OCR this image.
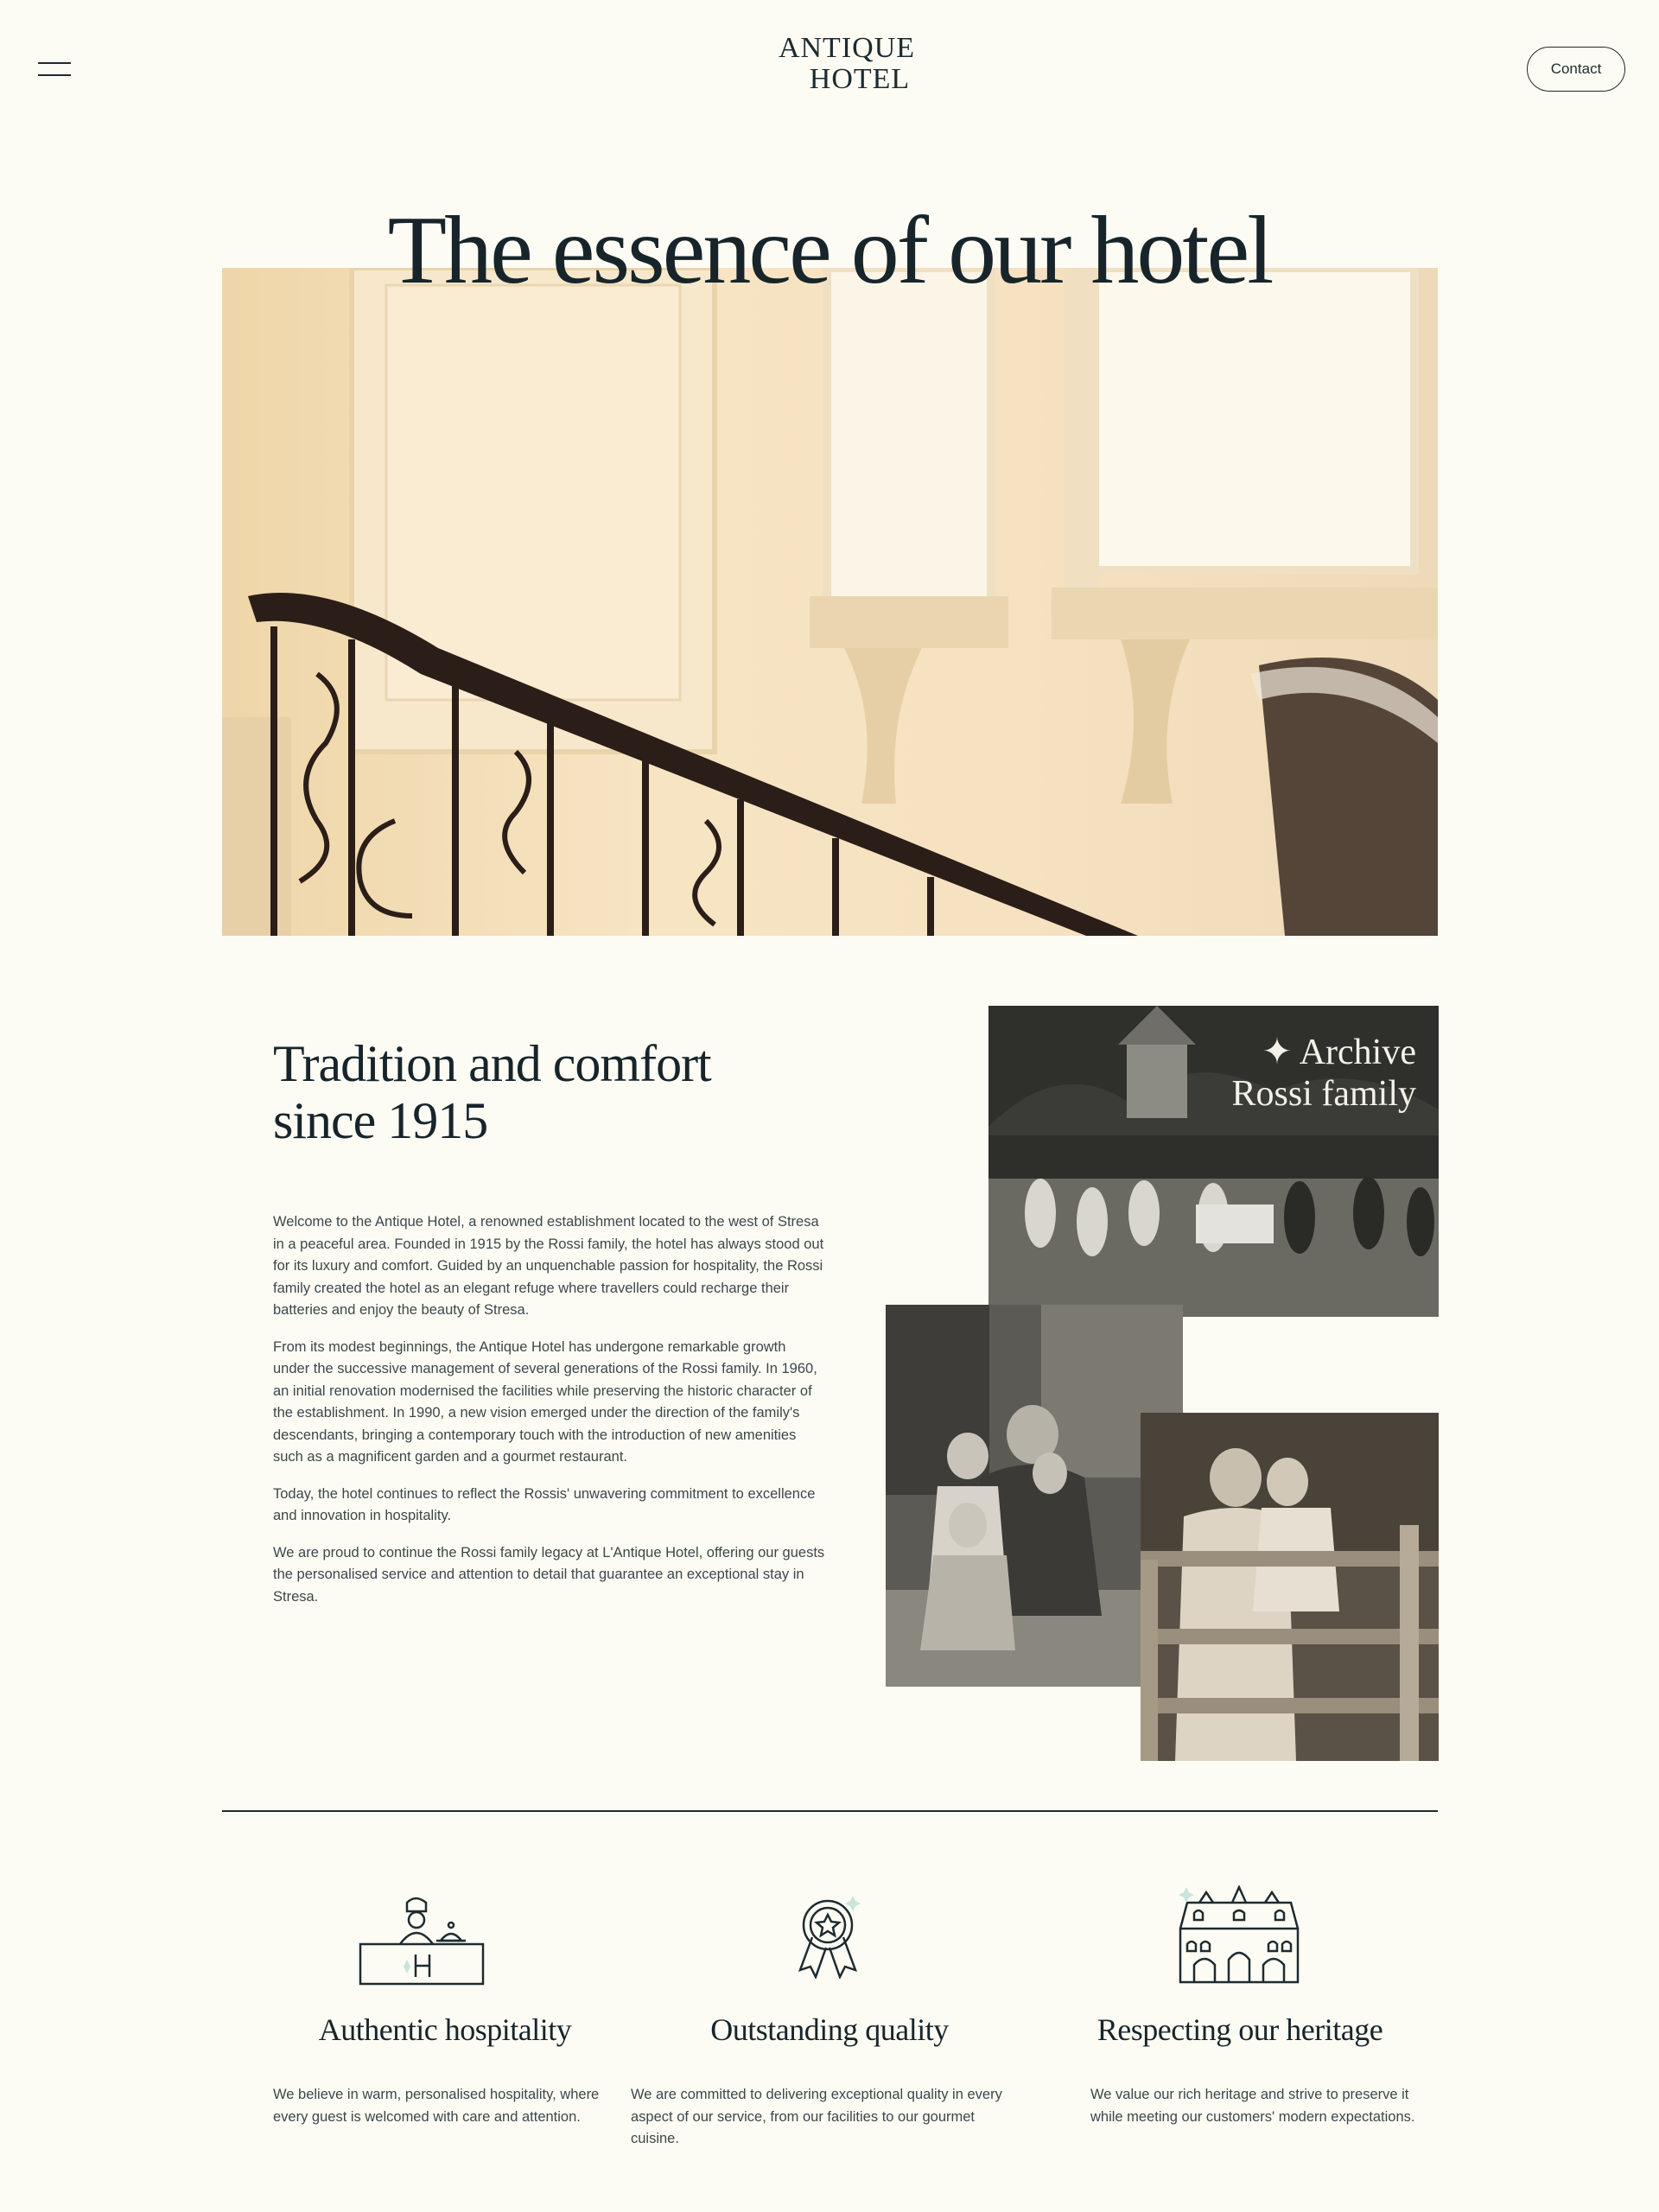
ANTIQUE
HOTEL	Contact
The essence of our hotel
Tradition and comfort
since 1915

Welcome to the Antique Hotel, a renowned establishment located to the west of Stresa in a peaceful area. Founded in 1915 by the Rossi family, the hotel has always stood out for its luxury and comfort. Guided by an unquenchable passion for hospitality, the Rossi family created the hotel as an elegant refuge where travellers could recharge their batteries and enjoy the beauty of Stresa.

From its modest beginnings, the Antique Hotel has undergone remarkable growth under the successive management of several generations of the Rossi family. In 1960, an initial renovation modernised the facilities while preserving the historic character of the establishment. In 1990, a new vision emerged under the direction of the family's descendants, bringing a contemporary touch with the introduction of new amenities such as a magnificent garden and a gourmet restaurant.

Today, the hotel continues to reflect the Rossis' unwavering commitment to excellence and innovation in hospitality.

We are proud to continue the Rossi family legacy at L'Antique Hotel, offering our guests the personalised service and attention to detail that guarantee an exceptional stay in Stresa.

✦ Archive
Rossi family
Authentic hospitality

We believe in warm, personalised hospitality, where every guest is welcomed with care and attention.

Outstanding quality

We are committed to delivering exceptional quality in every aspect of our service, from our facilities to our gourmet cuisine.

Respecting our heritage

We value our rich heritage and strive to preserve it while meeting our customers' modern expectations.
